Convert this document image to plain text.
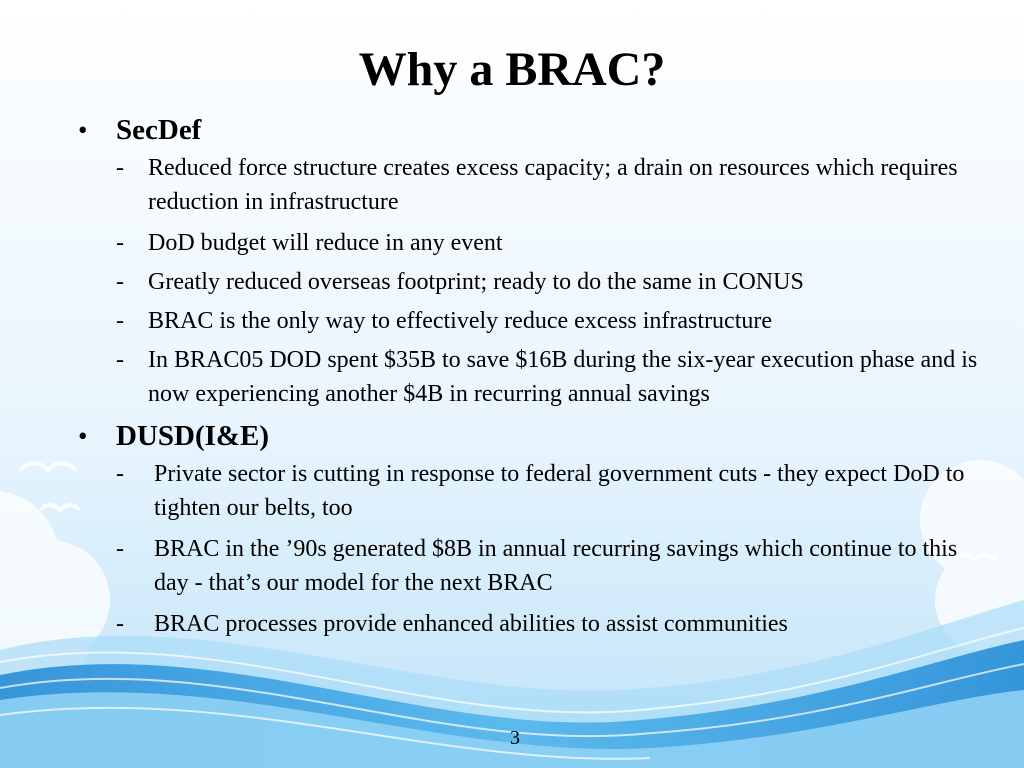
Why a BRAC?
• SecDef
- Reduced force structure creates excess capacity; a drain on resources which requires reduction in infrastructure
- DoD budget will reduce in any event
- Greatly reduced overseas footprint; ready to do the same in CONUS
- BRAC is the only way to effectively reduce excess infrastructure
- In BRAC05 DOD spent $35B to save $16B during the six-year execution phase and is now experiencing another $4B in recurring annual savings
• DUSD(I&E)
- Private sector is cutting in response to federal government cuts - they expect DoD to tighten our belts, too
- BRAC in the ’90s generated $8B in annual recurring savings which continue to this day - that’s our model for the next BRAC
- BRAC processes provide enhanced abilities to assist communities
3
